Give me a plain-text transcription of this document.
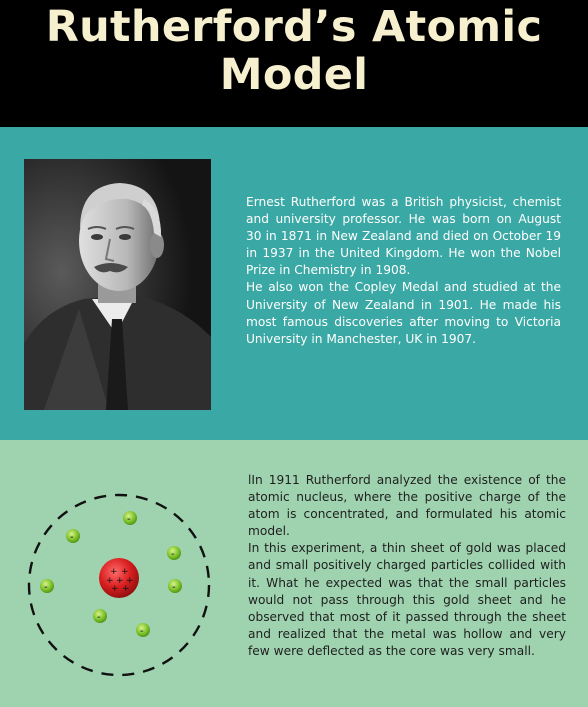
Rutherford’s Atomic
Model

Ernest Rutherford was a British physicist, chemist and university professor. He was born on August 30 in 1871 in New Zealand and died on October 19 in 1937 in the United Kingdom. He won the Nobel Prize in Chemistry in 1908.

He also won the Copley Medal and studied at the University of New Zealand in 1901. He made his most famous discoveries after moving to Victoria University in Manchester, UK in 1907.

+ +
+ + +
+ +
-
-
-
-	-
-
-

lIn 1911 Rutherford analyzed the existence of the atomic nucleus, where the positive charge of the atom is concentrated, and formulated his atomic model.

In this experiment, a thin sheet of gold was placed and small positively charged particles collided with it. What he expected was that the small particles would not pass through this gold sheet and he observed that most of it passed through the sheet and realized that the metal was hollow and very few were deflected as the core was very small.
